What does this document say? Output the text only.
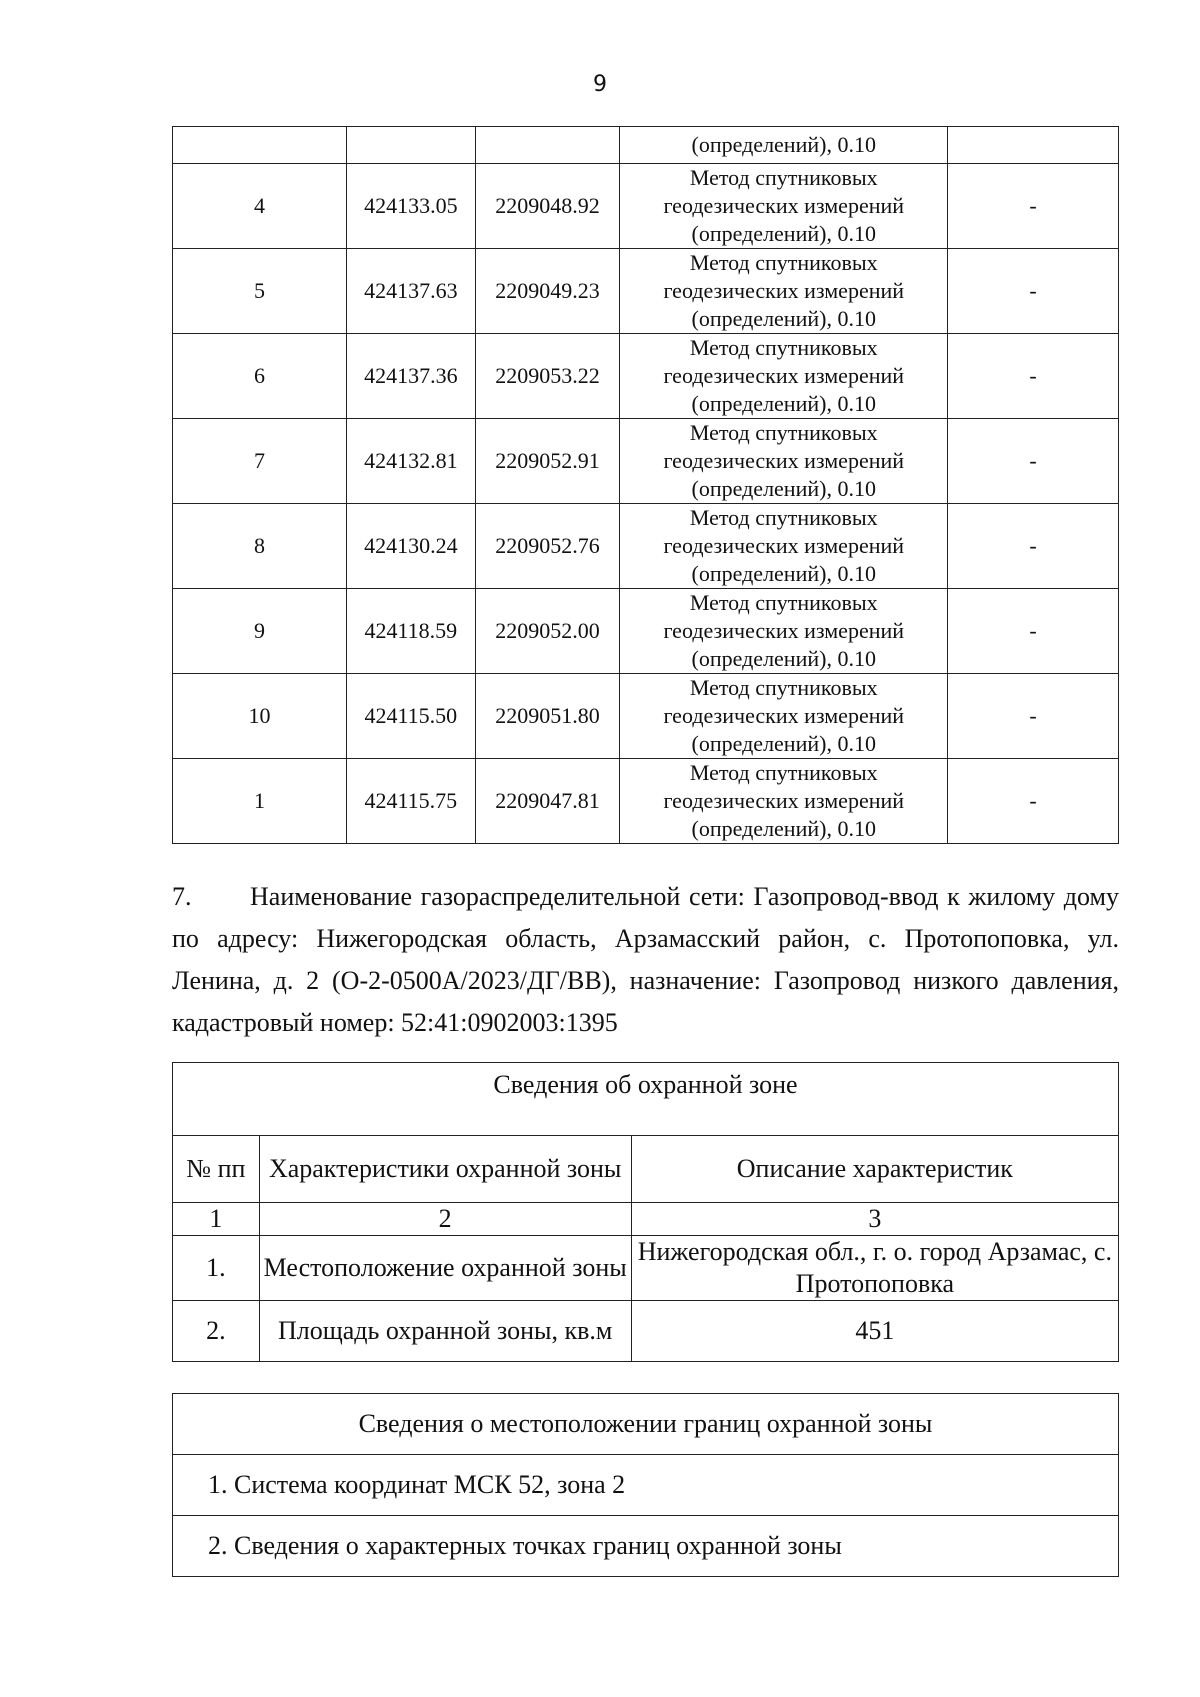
9
			(определений), 0.10	
4	424133.05	2209048.92	Метод спутниковых
геодезических измерений
(определений), 0.10	-
5	424137.63	2209049.23	Метод спутниковых
геодезических измерений
(определений), 0.10	-
6	424137.36	2209053.22	Метод спутниковых
геодезических измерений
(определений), 0.10	-
7	424132.81	2209052.91	Метод спутниковых
геодезических измерений
(определений), 0.10	-
8	424130.24	2209052.76	Метод спутниковых
геодезических измерений
(определений), 0.10	-
9	424118.59	2209052.00	Метод спутниковых
геодезических измерений
(определений), 0.10	-
10	424115.50	2209051.80	Метод спутниковых
геодезических измерений
(определений), 0.10	-
1	424115.75	2209047.81	Метод спутниковых
геодезических измерений
(определений), 0.10	-

7. Наименование газораспределительной сети: Газопровод-ввод к жилому дому по адресу: Нижегородская область, Арзамасский район, с. Протопоповка, ул. Ленина, д. 2 (О-2-0500А/2023/ДГ/ВВ), назначение: Газопровод низкого давления, кадастровый номер: 52:41:0902003:1395

Сведения об охранной зоне		
№ пп	Характеристики охранной зоны	Описание характеристик
1	2	3
1.	Местоположение охранной зоны	Нижегородская обл., г. о. город Арзамас, с. Протопоповка
2.	Площадь охранной зоны, кв.м	451
Сведения о местоположении границ охранной зоны
1. Система координат МСК 52, зона 2
2. Сведения о характерных точках границ охранной зоны
